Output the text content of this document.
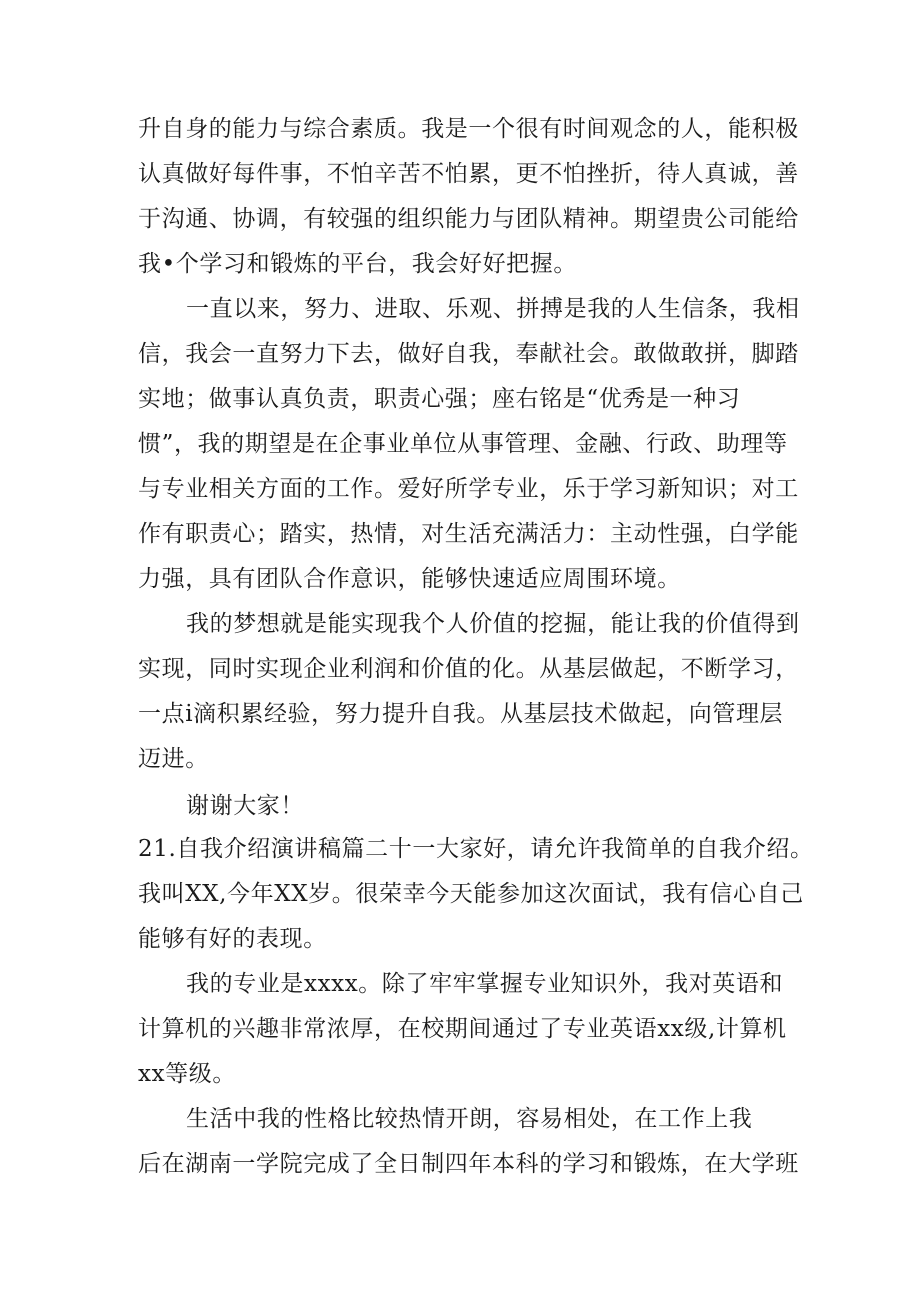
升自身的能力与综合素质。我是一个很有时间观念的人，能积极
认真做好每件事，不怕辛苦不怕累，更不怕挫折，待人真诚，善
于沟通、协调，有较强的组织能力与团队精神。期望贵公司能给
我•个学习和锻炼的平台，我会好好把握。
一直以来，努力、进取、乐观、拼搏是我的人生信条，我相
信，我会一直努力下去，做好自我，奉献社会。敢做敢拼，脚踏
实地；做事认真负责，职责心强；座右铭是“优秀是一种习
惯”，我的期望是在企事业单位从事管理、金融、行政、助理等
与专业相关方面的工作。爱好所学专业，乐于学习新知识；对工
作有职责心；踏实，热情，对生活充满活力：主动性强，白学能
力强，具有团队合作意识，能够快速适应周围环境。
我的梦想就是能实现我个人价值的挖掘，能让我的价值得到
实现，同时实现企业利润和价值的化。从基层做起，不断学习，
一点i滴积累经验，努力提升自我。从基层技术做起，向管理层
迈进。
谢谢大家！
21.自我介绍演讲稿篇二十一大家好，请允许我简单的自我介绍。
我叫XX,今年XX岁。很荣幸今天能参加这次面试，我有信心自己
能够有好的表现。
我的专业是xxxx。除了牢牢掌握专业知识外，我对英语和
计算机的兴趣非常浓厚，在校期间通过了专业英语xx级,计算机
xx等级。
生活中我的性格比较热情开朗，容易相处，在工作上我
后在湖南一学院完成了全日制四年本科的学习和锻炼，在大学班
